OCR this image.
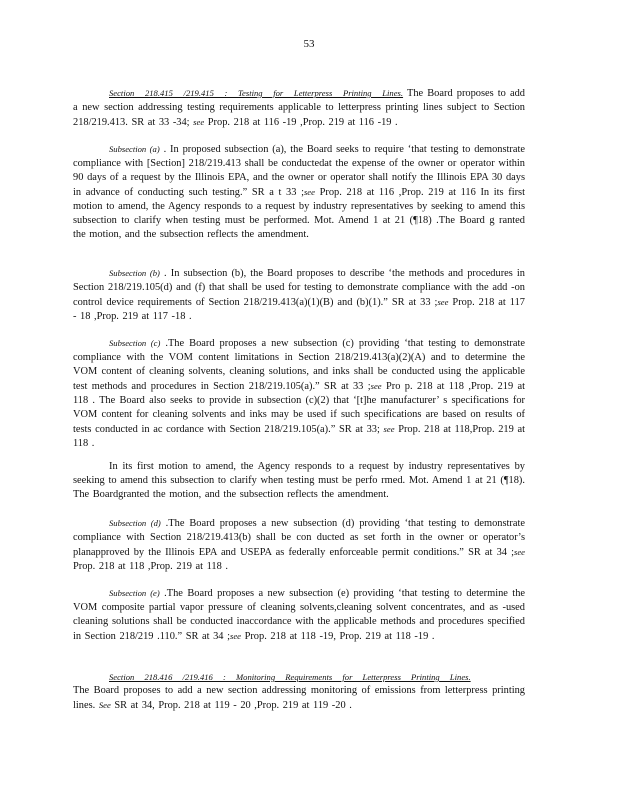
53

Section 218.415 /219.415 : Testing for Letterpress Printing Lines. The Board proposes to add a new section addressing testing requirements applicable to letterpress printing lines subject to Section 218/219.413. SR at 33 -34; see Prop. 218 at 116 -19 ,Prop. 219 at 116 -19 .

Subsection (a) . In proposed subsection (a), the Board seeks to require ‘that testing to demonstrate compliance with [Section] 218/219.413 shall be conductedat the expense of the owner or operator within 90 days of a request by the Illinois EPA, and the owner or operator shall notify the Illinois EPA 30 days in advance of conducting such testing.” SR a t 33 ;see Prop. 218 at 116 ,Prop. 219 at 116 In its first motion to amend, the Agency responds to a request by industry representatives by seeking to amend this subsection to clarify when testing must be performed. Mot. Amend 1 at 21 (¶18) .The Board g ranted the motion, and the subsection reflects the amendment.

Subsection (b) . In subsection (b), the Board proposes to describe ‘the methods and procedures in Section 218/219.105(d) and (f) that shall be used for testing to demonstrate compliance with the add -on control device requirements of Section 218/219.413(a)(1)(B) and (b)(1).” SR at 33 ;see Prop. 218 at 117 - 18 ,Prop. 219 at 117 -18 .

Subsection (c) .The Board proposes a new subsection (c) providing ‘that testing to demonstrate compliance with the VOM content limitations in Section 218/219.413(a)(2)(A) and to determine the VOM content of cleaning solvents, cleaning solutions, and inks shall be conducted using the applicable test methods and procedures in Section 218/219.105(a).” SR at 33 ;see Pro p. 218 at 118 ,Prop. 219 at 118 . The Board also seeks to provide in subsection (c)(2) that ‘[t]he manufacturer’ s specifications for VOM content for cleaning solvents and inks may be used if such specifications are based on results of tests conducted in ac cordance with Section 218/219.105(a).” SR at 33; see Prop. 218 at 118,Prop. 219 at 118 .

In its first motion to amend, the Agency responds to a request by industry representatives by seeking to amend this subsection to clarify when testing must be perfo rmed. Mot. Amend 1 at 21 (¶18). The Boardgranted the motion, and the subsection reflects the amendment.

Subsection (d) .The Board proposes a new subsection (d) providing ‘that testing to demonstrate compliance with Section 218/219.413(b) shall be con ducted as set forth in the owner or operator’s planapproved by the Illinois EPA and USEPA as federally enforceable permit conditions.” SR at 34 ;see Prop. 218 at 118 ,Prop. 219 at 118 .

Subsection (e) .The Board proposes a new subsection (e) providing ‘that testing to determine the VOM composite partial vapor pressure of cleaning solvents,cleaning solvent concentrates, and as -used cleaning solutions shall be conducted inaccordance with the applicable methods and procedures specified in Section 218/219 .110.” SR at 34 ;see Prop. 218 at 118 -19, Prop. 219 at 118 -19 .

Section 218.416 /219.416 : Monitoring Requirements for Letterpress Printing Lines.
The Board proposes to add a new section addressing monitoring of emissions from letterpress printing lines. See SR at 34, Prop. 218 at 119 - 20 ,Prop. 219 at 119 -20 .
